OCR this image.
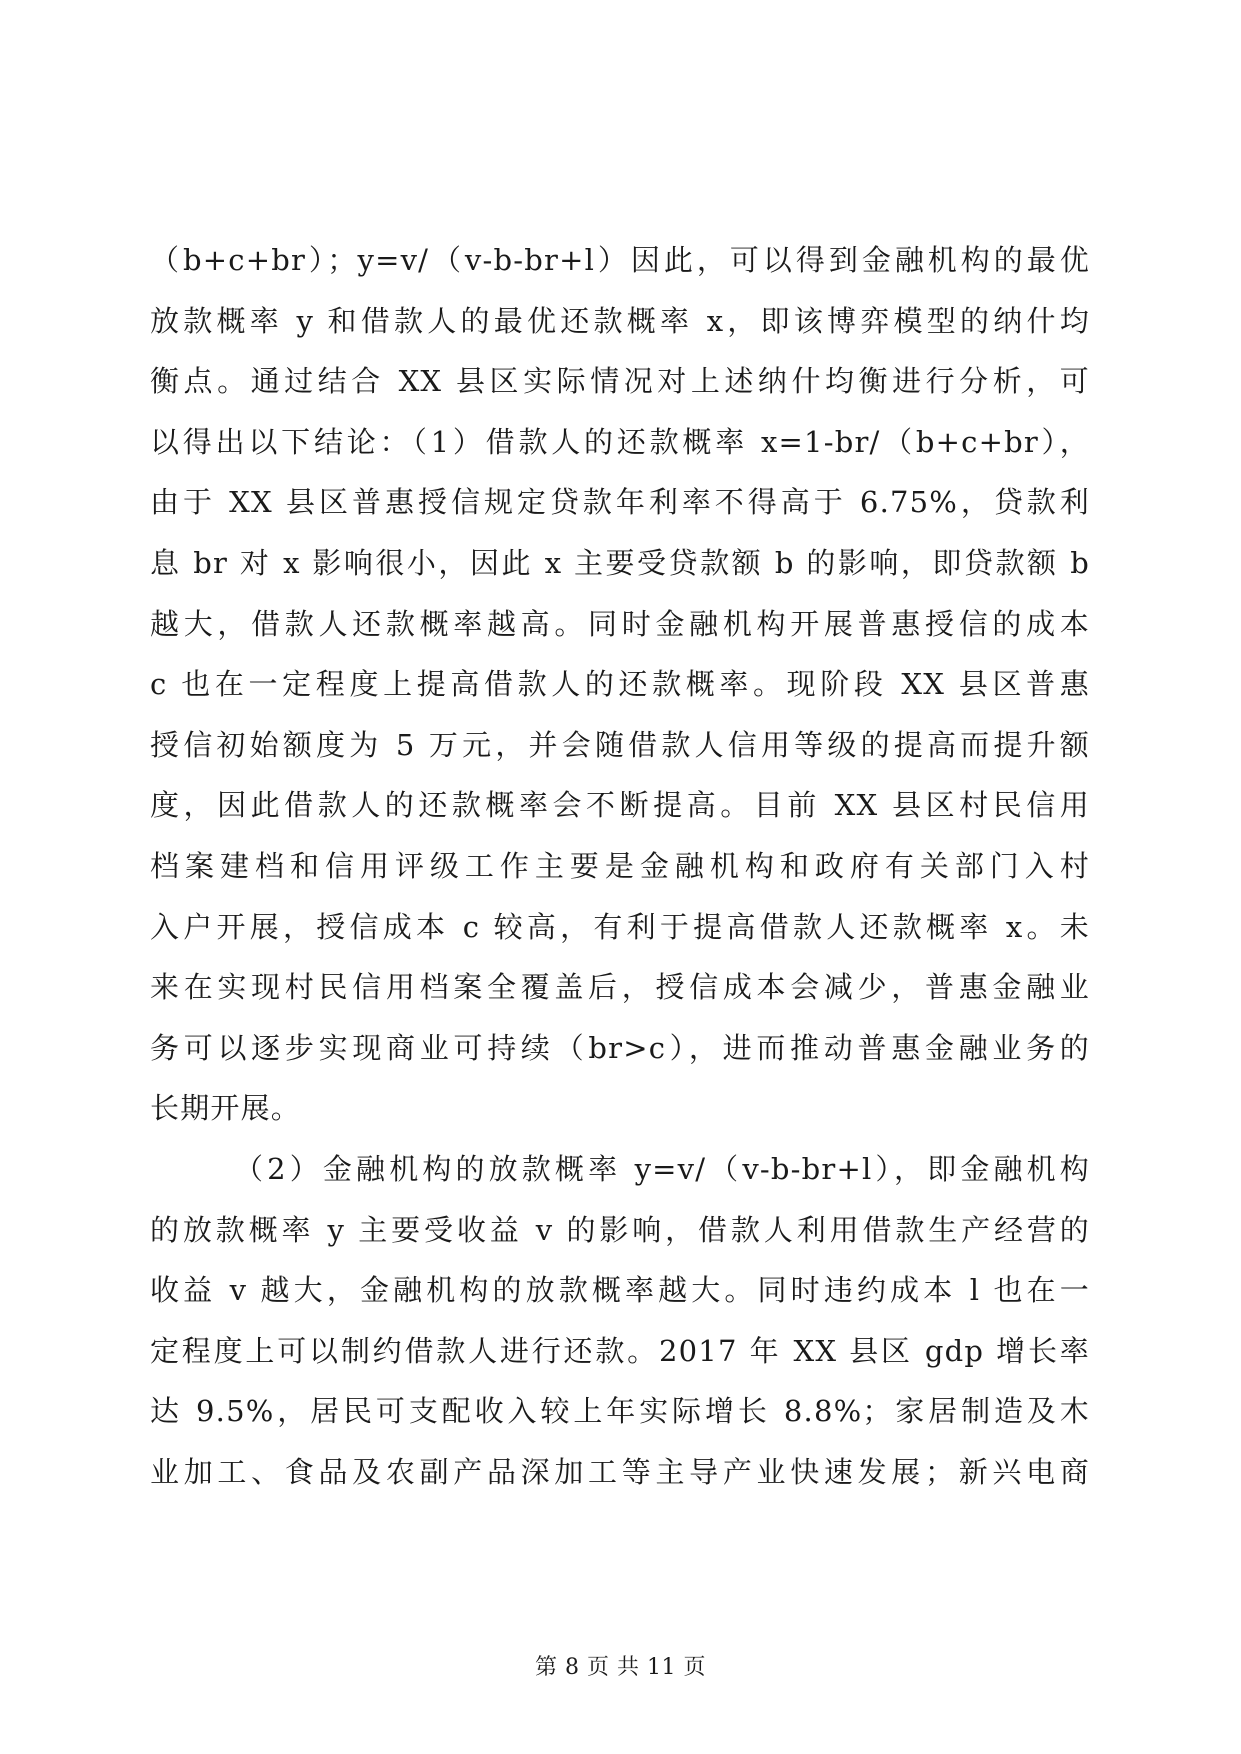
（b+c+br）；y=v/（v-b-br+l）因此，可以得到金融机构的最优
放款概率 y 和借款人的最优还款概率 x，即该博弈模型的纳什均
衡点。通过结合 XX 县区实际情况对上述纳什均衡进行分析，可
以得出以下结论：（1）借款人的还款概率 x=1-br/（b+c+br），
由于 XX 县区普惠授信规定贷款年利率不得高于 6.75%，贷款利
息 br 对 x 影响很小，因此 x 主要受贷款额 b 的影响，即贷款额 b
越大，借款人还款概率越高。同时金融机构开展普惠授信的成本
c 也在一定程度上提高借款人的还款概率。现阶段 XX 县区普惠
授信初始额度为 5 万元，并会随借款人信用等级的提高而提升额
度，因此借款人的还款概率会不断提高。目前 XX 县区村民信用
档案建档和信用评级工作主要是金融机构和政府有关部门入村
入户开展，授信成本 c 较高，有利于提高借款人还款概率 x。未
来在实现村民信用档案全覆盖后，授信成本会减少，普惠金融业
务可以逐步实现商业可持续（br>c），进而推动普惠金融业务的
长期开展。
（2）金融机构的放款概率 y=v/（v-b-br+l），即金融机构
的放款概率 y 主要受收益 v 的影响，借款人利用借款生产经营的
收益 v 越大，金融机构的放款概率越大。同时违约成本 l 也在一
定程度上可以制约借款人进行还款。2017 年 XX 县区 gdp 增长率
达 9.5%，居民可支配收入较上年实际增长 8.8%；家居制造及木
业加工、食品及农副产品深加工等主导产业快速发展；新兴电商
第 8 页 共 11 页
